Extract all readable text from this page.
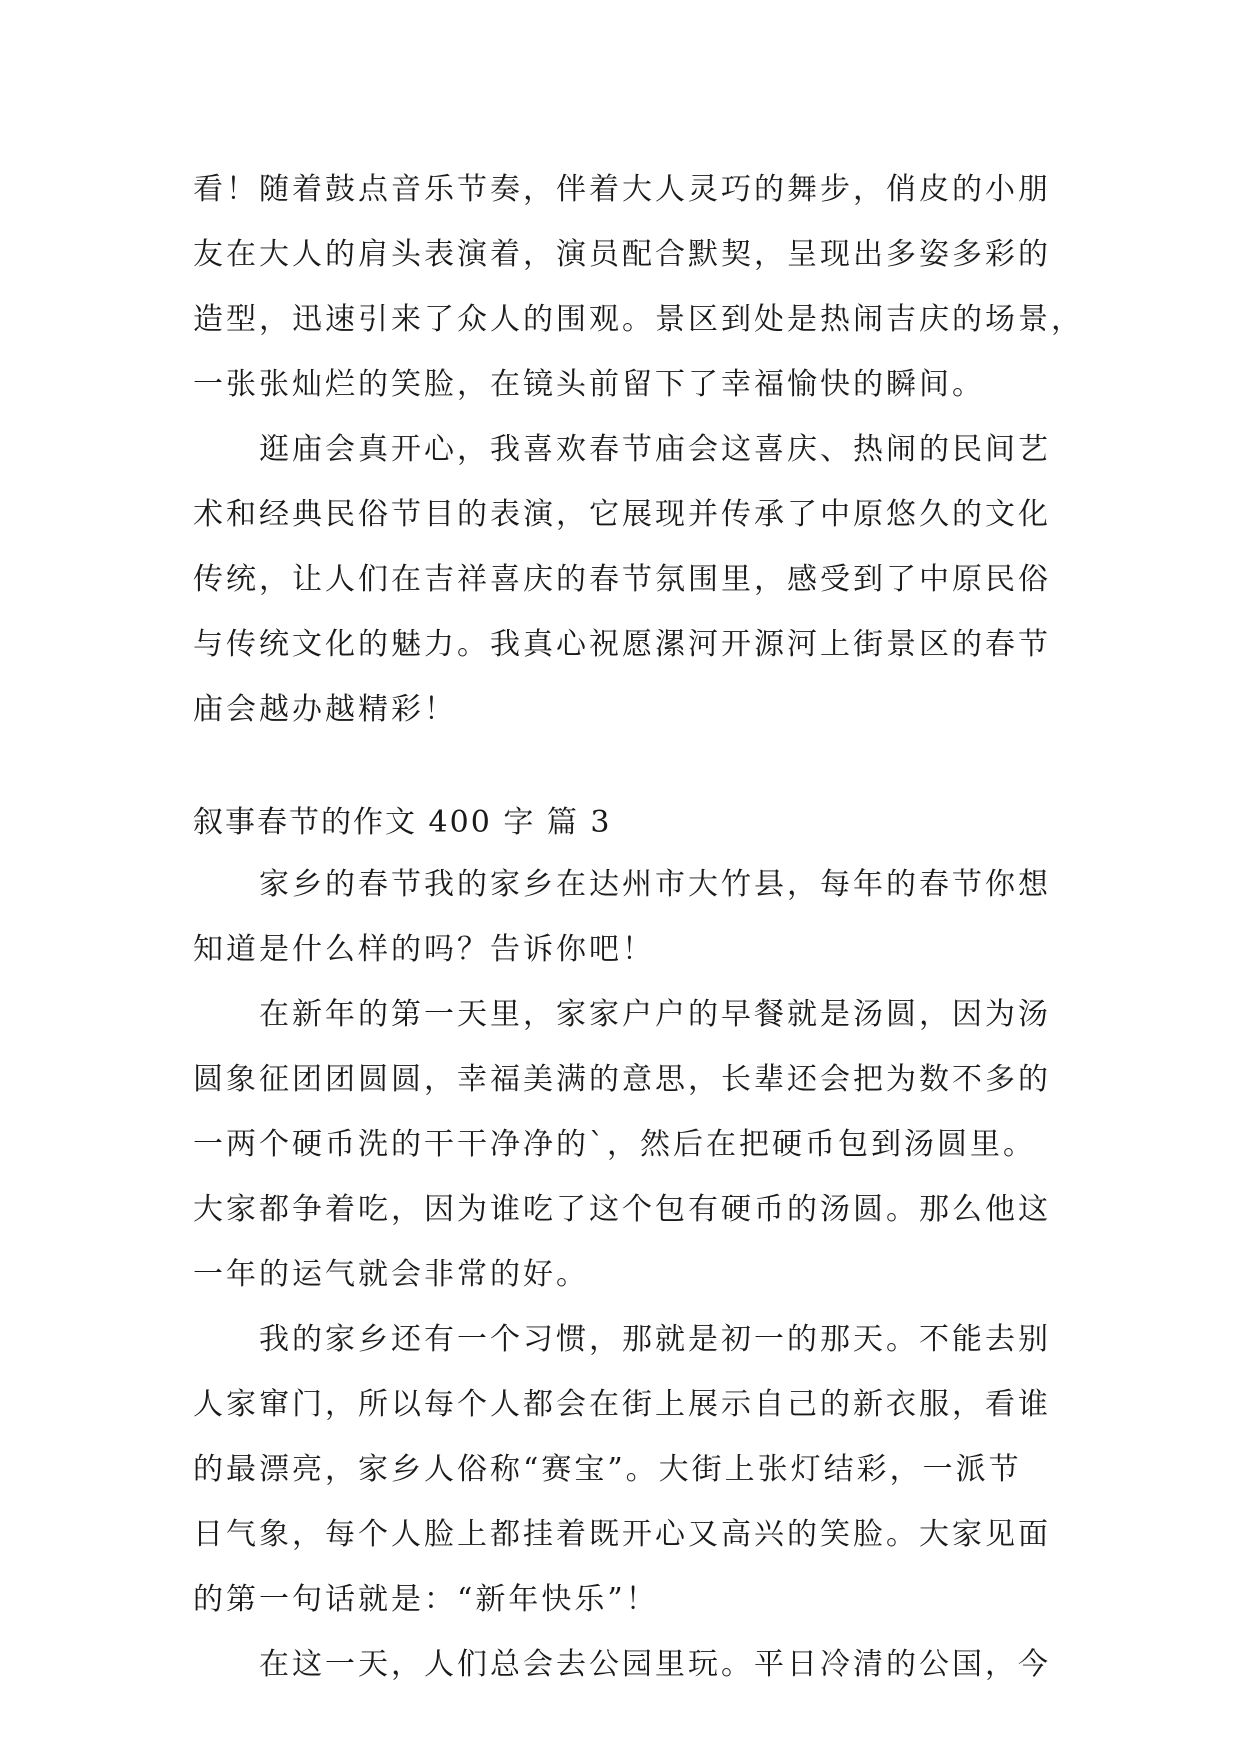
看！随着鼓点音乐节奏，伴着大人灵巧的舞步，俏皮的小朋
友在大人的肩头表演着，演员配合默契，呈现出多姿多彩的
造型，迅速引来了众人的围观。景区到处是热闹吉庆的场景，
一张张灿烂的笑脸，在镜头前留下了幸福愉快的瞬间。
逛庙会真开心，我喜欢春节庙会这喜庆、热闹的民间艺
术和经典民俗节目的表演，它展现并传承了中原悠久的文化
传统，让人们在吉祥喜庆的春节氛围里，感受到了中原民俗
与传统文化的魅力。我真心祝愿漯河开源河上街景区的春节
庙会越办越精彩！
叙事春节的作文 400 字 篇 3
家乡的春节我的家乡在达州市大竹县，每年的春节你想
知道是什么样的吗？告诉你吧！
在新年的第一天里，家家户户的早餐就是汤圆，因为汤
圆象征团团圆圆，幸福美满的意思，长辈还会把为数不多的
一两个硬币洗的干干净净的`，然后在把硬币包到汤圆里。
大家都争着吃，因为谁吃了这个包有硬币的汤圆。那么他这
一年的运气就会非常的好。
我的家乡还有一个习惯，那就是初一的那天。不能去别
人家窜门，所以每个人都会在街上展示自己的新衣服，看谁
的最漂亮，家乡人俗称“赛宝”。大街上张灯结彩，一派节
日气象，每个人脸上都挂着既开心又高兴的笑脸。大家见面
的第一句话就是：“新年快乐”！
在这一天，人们总会去公园里玩。平日冷清的公国，今
